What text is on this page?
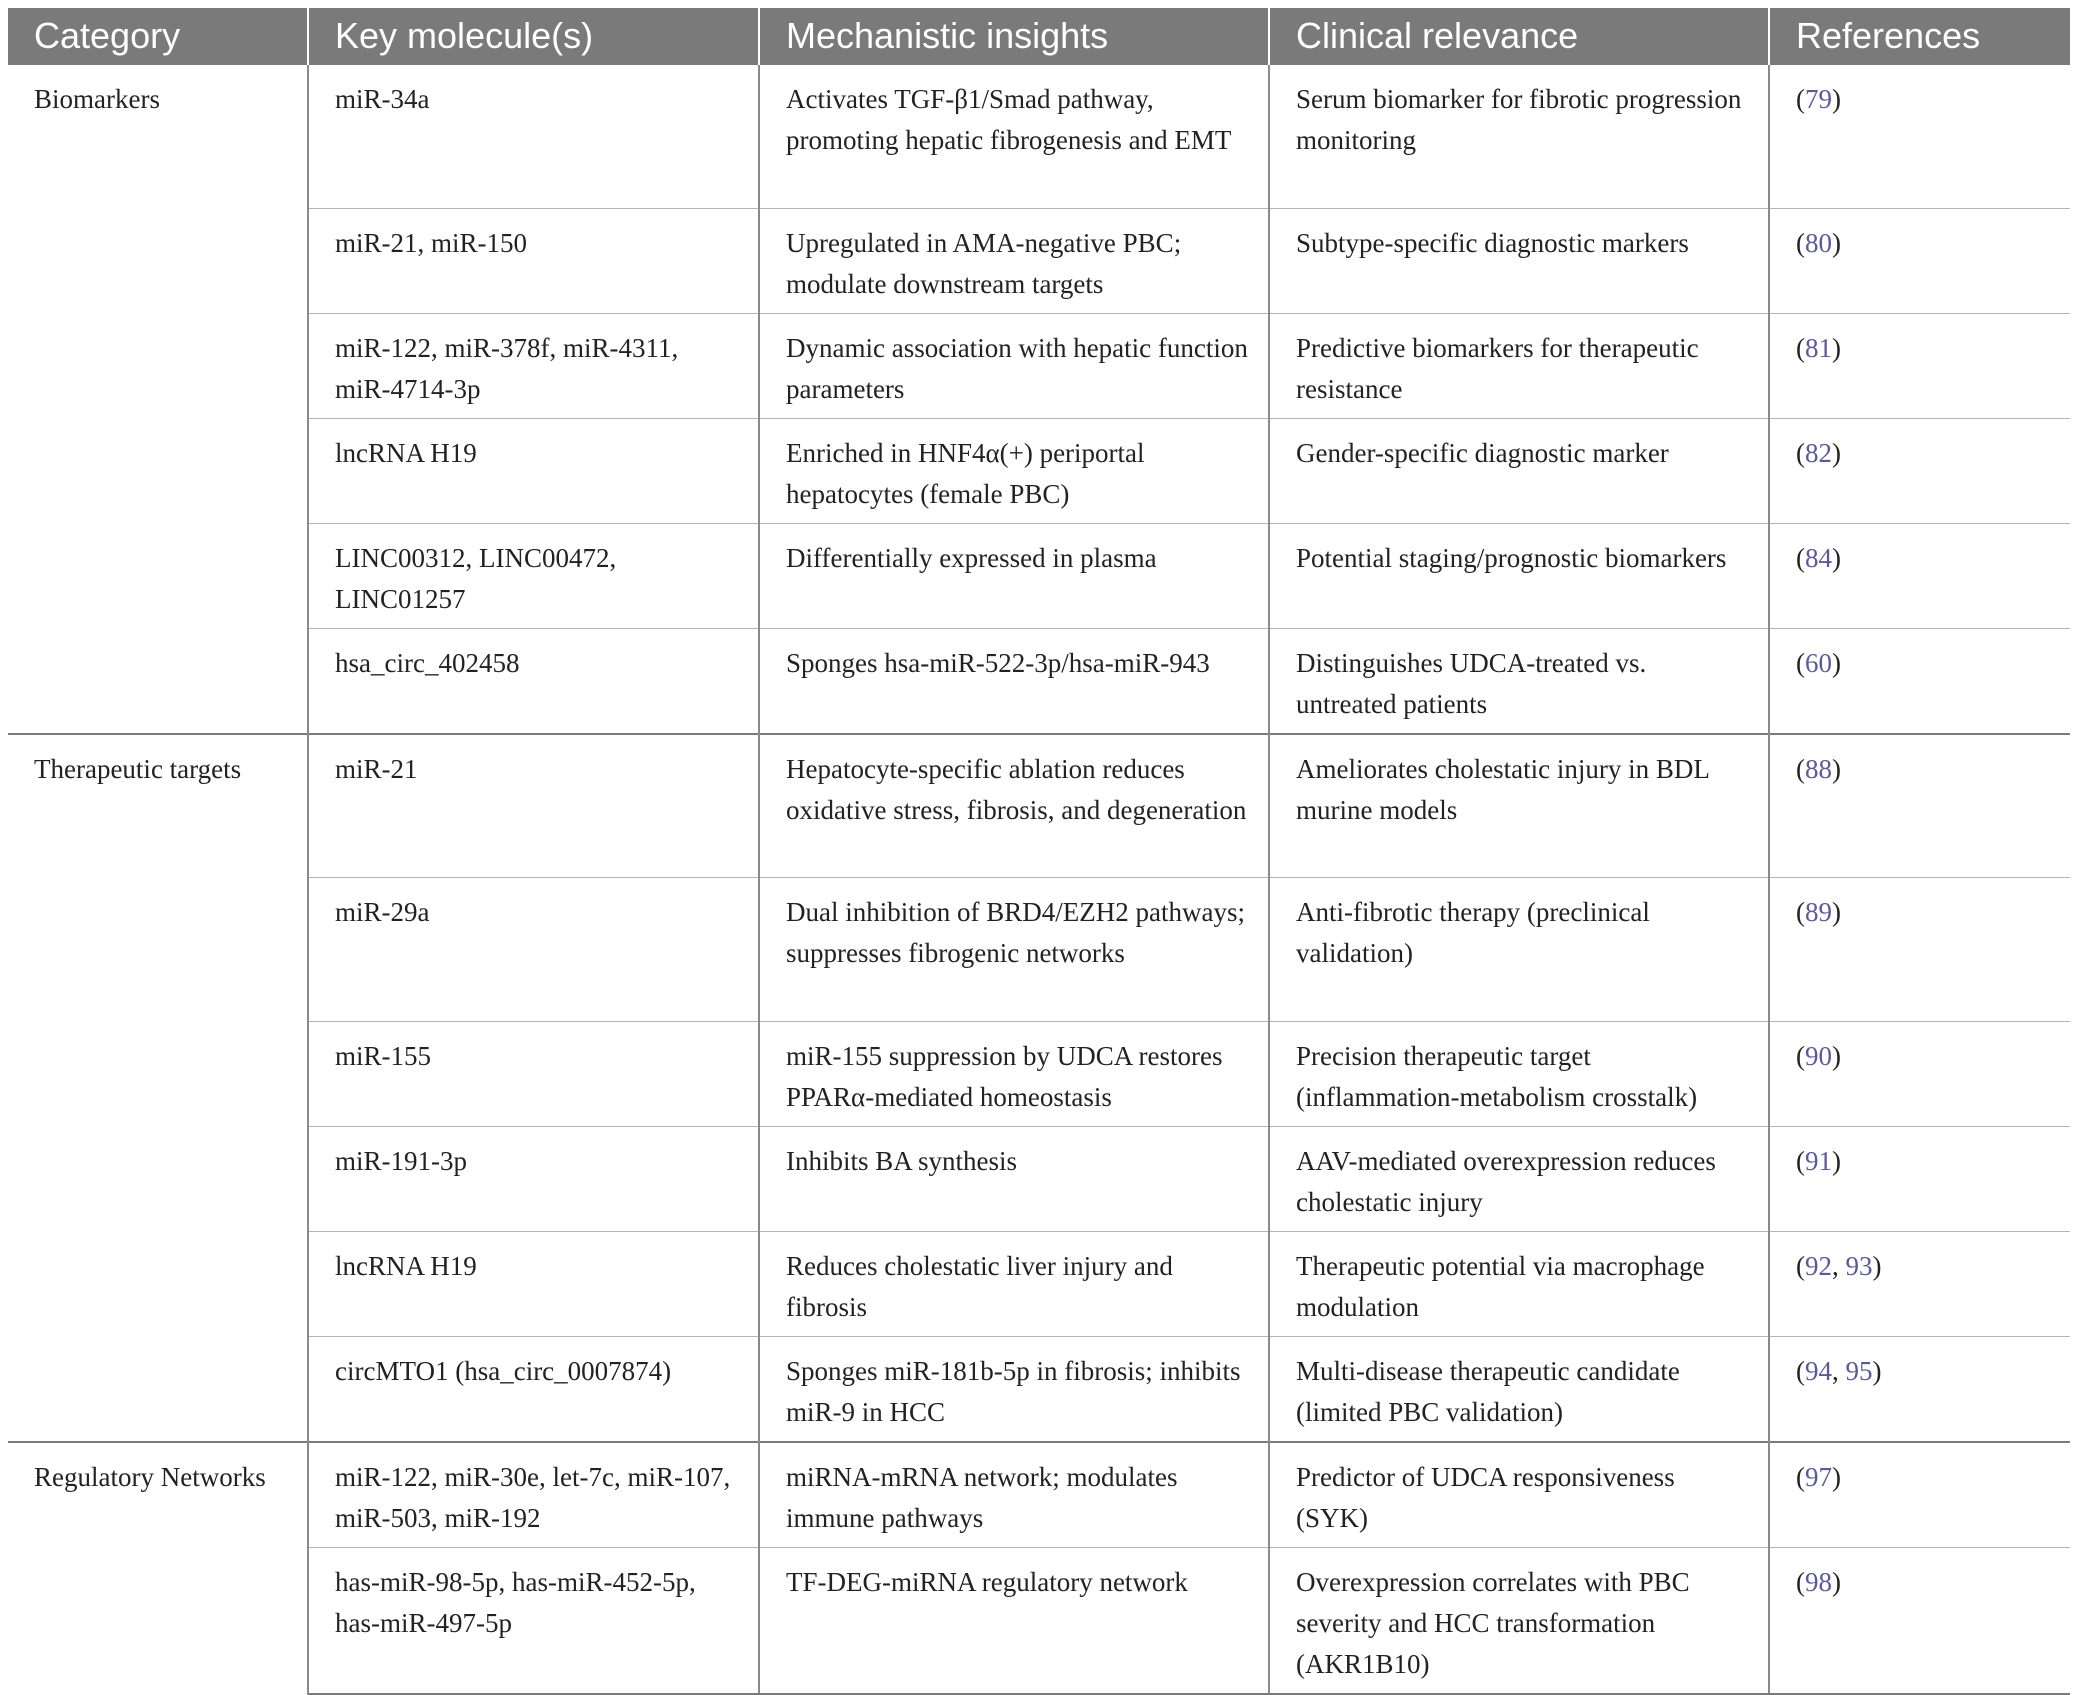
Category	Key molecule(s)	Mechanistic insights	Clinical relevance	References
Biomarkers	miR-34a	Activates TGF-β1/Smad pathway, promoting hepatic fibrogenesis and EMT	Serum biomarker for fibrotic progression monitoring	(79)
	miR-21, miR-150	Upregulated in AMA-negative PBC; modulate downstream targets	Subtype-specific diagnostic markers	(80)
	miR-122, miR-378f, miR-4311, miR-4714-3p	Dynamic association with hepatic function parameters	Predictive biomarkers for therapeutic resistance	(81)
	lncRNA H19	Enriched in HNF4α(+) periportal hepatocytes (female PBC)	Gender-specific diagnostic marker	(82)
	LINC00312, LINC00472, LINC01257	Differentially expressed in plasma	Potential staging/prognostic biomarkers	(84)
	hsa_circ_402458	Sponges hsa-miR-522-3p/hsa-miR-943	Distinguishes UDCA-treated vs. untreated patients	(60)
Therapeutic targets	miR-21	Hepatocyte-specific ablation reduces oxidative stress, fibrosis, and degeneration	Ameliorates cholestatic injury in BDL murine models	(88)
	miR-29a	Dual inhibition of BRD4/EZH2 pathways; suppresses fibrogenic networks	Anti-fibrotic therapy (preclinical validation)	(89)
	miR-155	miR-155 suppression by UDCA restores PPARα-mediated homeostasis	Precision therapeutic target (inflammation-metabolism crosstalk)	(90)
	miR-191-3p	Inhibits BA synthesis	AAV-mediated overexpression reduces cholestatic injury	(91)
	lncRNA H19	Reduces cholestatic liver injury and fibrosis	Therapeutic potential via macrophage modulation	(92, 93)
	circMTO1 (hsa_circ_0007874)	Sponges miR-181b-5p in fibrosis; inhibits miR-9 in HCC	Multi-disease therapeutic candidate (limited PBC validation)	(94, 95)
Regulatory Networks	miR-122, miR-30e, let-7c, miR-107, miR-503, miR-192	miRNA-mRNA network; modulates immune pathways	Predictor of UDCA responsiveness (SYK)	(97)
	has-miR-98-5p, has-miR-452-5p, has-miR-497-5p	TF-DEG-miRNA regulatory network	Overexpression correlates with PBC severity and HCC transformation (AKR1B10)	(98)
